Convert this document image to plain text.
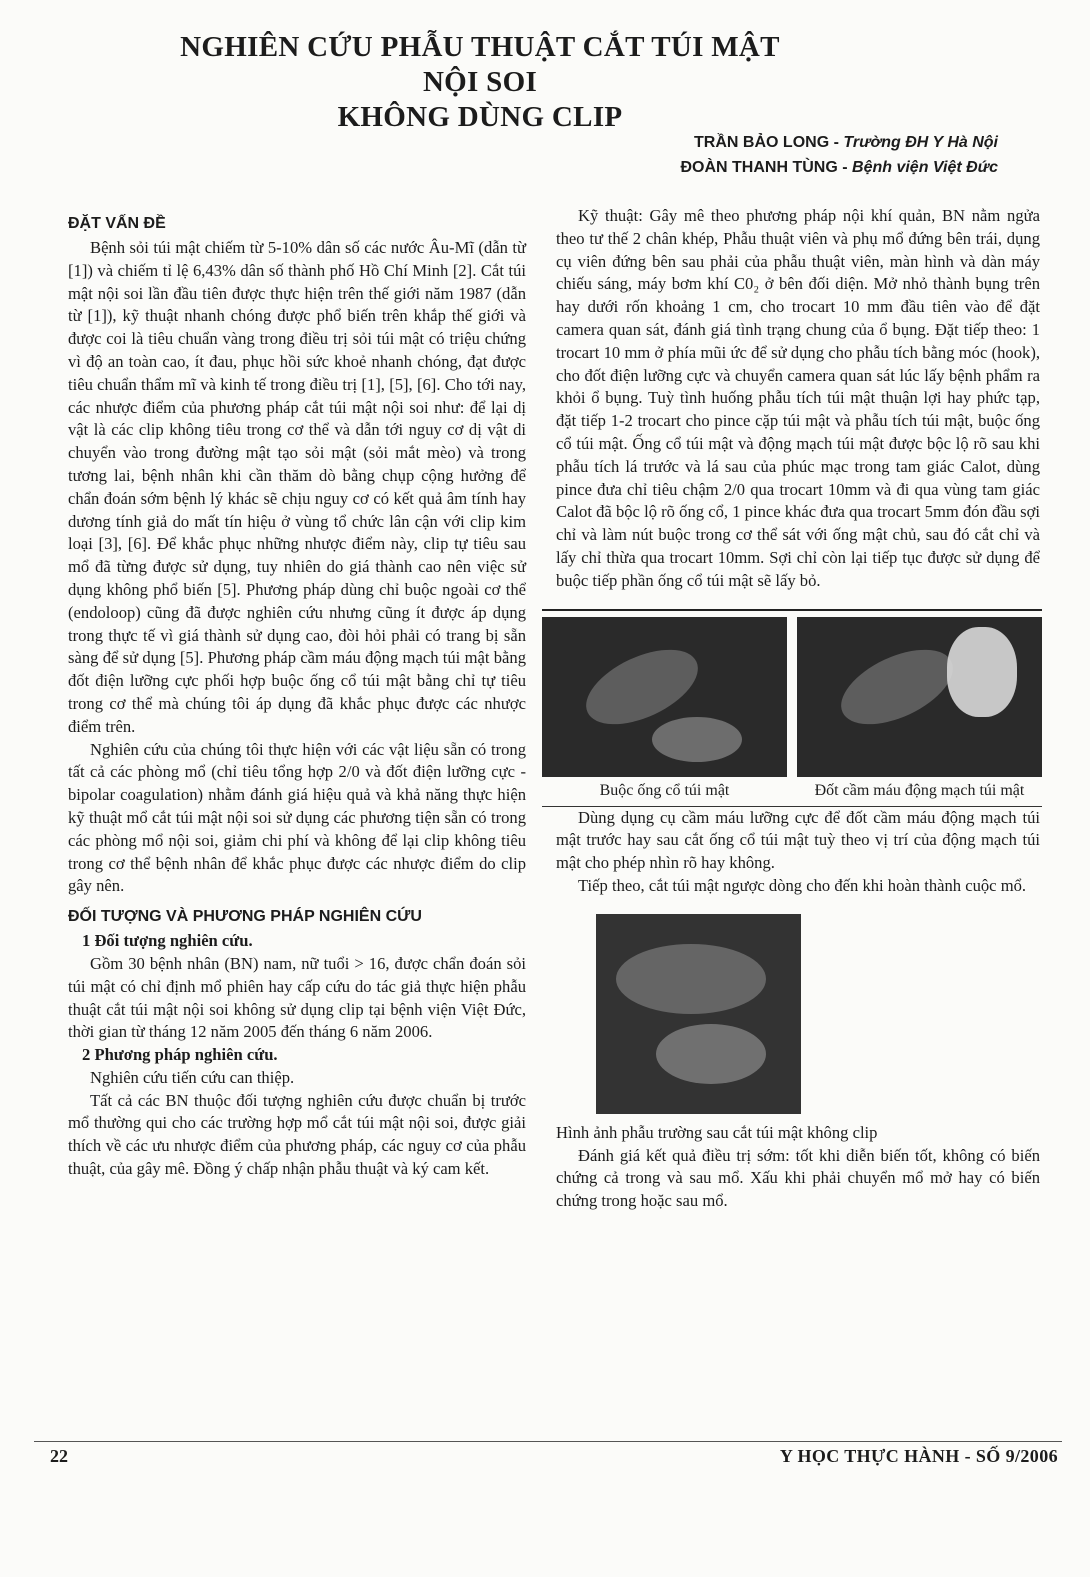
NGHIÊN CỨU PHẪU THUẬT CẮT TÚI MẬT NỘI SOI
KHÔNG DÙNG CLIP
TRẦN BẢO LONG - Trường ĐH Y Hà Nội
ĐOÀN THANH TÙNG - Bệnh viện Việt Đức
ĐẶT VẤN ĐỀ

Bệnh sỏi túi mật chiếm từ 5-10% dân số các nước Âu-Mĩ (dẫn từ [1]) và chiếm tỉ lệ 6,43% dân số thành phố Hồ Chí Minh [2]. Cắt túi mật nội soi lần đầu tiên được thực hiện trên thế giới năm 1987 (dẫn từ [1]), kỹ thuật nhanh chóng được phổ biến trên khắp thế giới và được coi là tiêu chuẩn vàng trong điều trị sỏi túi mật có triệu chứng vì độ an toàn cao, ít đau, phục hồi sức khoẻ nhanh chóng, đạt được tiêu chuẩn thẩm mĩ và kinh tế trong điều trị [1], [5], [6]. Cho tới nay, các nhược điểm của phương pháp cắt túi mật nội soi như: để lại dị vật là các clip không tiêu trong cơ thể và dẫn tới nguy cơ dị vật di chuyển vào trong đường mật tạo sỏi mật (sỏi mắt mèo) và trong tương lai, bệnh nhân khi cần thăm dò bằng chụp cộng hưởng để chẩn đoán sớm bệnh lý khác sẽ chịu nguy cơ có kết quả âm tính hay dương tính giả do mất tín hiệu ở vùng tổ chức lân cận với clip kim loại [3], [6]. Để khắc phục những nhược điểm này, clip tự tiêu sau mổ đã từng được sử dụng, tuy nhiên do giá thành cao nên việc sử dụng không phổ biến [5]. Phương pháp dùng chỉ buộc ngoài cơ thể (endoloop) cũng đã được nghiên cứu nhưng cũng ít được áp dụng trong thực tế vì giá thành sử dụng cao, đòi hỏi phải có trang bị sẵn sàng để sử dụng [5]. Phương pháp cầm máu động mạch túi mật bằng đốt điện lưỡng cực phối hợp buộc ống cổ túi mật bằng chỉ tự tiêu trong cơ thể mà chúng tôi áp dụng đã khắc phục được các nhược điểm trên.

Nghiên cứu của chúng tôi thực hiện với các vật liệu sẵn có trong tất cả các phòng mổ (chỉ tiêu tổng hợp 2/0 và đốt điện lưỡng cực - bipolar coagulation) nhằm đánh giá hiệu quả và khả năng thực hiện kỹ thuật mổ cắt túi mật nội soi sử dụng các phương tiện sẵn có trong các phòng mổ nội soi, giảm chi phí và không để lại clip không tiêu trong cơ thể bệnh nhân để khắc phục được các nhược điểm do clip gây nên.

ĐỐI TƯỢNG VÀ PHƯƠNG PHÁP NGHIÊN CỨU
1 Đối tượng nghiên cứu.

Gồm 30 bệnh nhân (BN) nam, nữ tuổi > 16, được chẩn đoán sỏi túi mật có chỉ định mổ phiên hay cấp cứu do tác giả thực hiện phẫu thuật cắt túi mật nội soi không sử dụng clip tại bệnh viện Việt Đức, thời gian từ tháng 12 năm 2005 đến tháng 6 năm 2006.

2 Phương pháp nghiên cứu.

Nghiên cứu tiến cứu can thiệp.

Tất cả các BN thuộc đối tượng nghiên cứu được chuẩn bị trước mổ thường qui cho các trường hợp mổ cắt túi mật nội soi, được giải thích về các ưu nhược điểm của phương pháp, các nguy cơ của phẫu thuật, của gây mê. Đồng ý chấp nhận phẫu thuật và ký cam kết.

Kỹ thuật: Gây mê theo phương pháp nội khí quản, BN nằm ngửa theo tư thế 2 chân khép, Phẫu thuật viên và phụ mổ đứng bên trái, dụng cụ viên đứng bên sau phải của phẫu thuật viên, màn hình và dàn máy chiếu sáng, máy bơm khí C0₂ ở bên đối diện. Mở nhỏ thành bụng trên hay dưới rốn khoảng 1 cm, cho trocart 10 mm đầu tiên vào để đặt camera quan sát, đánh giá tình trạng chung của ổ bụng. Đặt tiếp theo: 1 trocart 10 mm ở phía mũi ức để sử dụng cho phẫu tích bằng móc (hook), cho đốt điện lưỡng cực và chuyển camera quan sát lúc lấy bệnh phẩm ra khỏi ổ bụng. Tuỳ tình huống phẫu tích túi mật thuận lợi hay phức tạp, đặt tiếp 1-2 trocart cho pince cặp túi mật và phẫu tích túi mật, buộc ống cổ túi mật. Ống cổ túi mật và động mạch túi mật được bộc lộ rõ sau khi phẫu tích lá trước và lá sau của phúc mạc trong tam giác Calot, dùng pince đưa chỉ tiêu chậm 2/0 qua trocart 10mm và đi qua vùng tam giác Calot đã bộc lộ rõ ống cổ, 1 pince khác đưa qua trocart 5mm đón đầu sợi chỉ và làm nút buộc trong cơ thể sát với ống mật chủ, sau đó cắt chỉ và lấy chỉ thừa qua trocart 10mm. Sợi chỉ còn lại tiếp tục được sử dụng để buộc tiếp phần ống cổ túi mật sẽ lấy bỏ.

Buộc ống cổ túi mật	Đốt cầm máu động mạch túi mật

Dùng dụng cụ cầm máu lưỡng cực để đốt cầm máu động mạch túi mật trước hay sau cắt ống cổ túi mật tuỳ theo vị trí của động mạch túi mật cho phép nhìn rõ hay không.

Tiếp theo, cắt túi mật ngược dòng cho đến khi hoàn thành cuộc mổ.

Hình ảnh phẫu trường sau cắt túi mật không clip

Đánh giá kết quả điều trị sớm: tốt khi diễn biến tốt, không có biến chứng cả trong và sau mổ. Xấu khi phải chuyển mổ mở hay có biến chứng trong hoặc sau mổ.

22	Y HỌC THỰC HÀNH - SỐ 9/2006
